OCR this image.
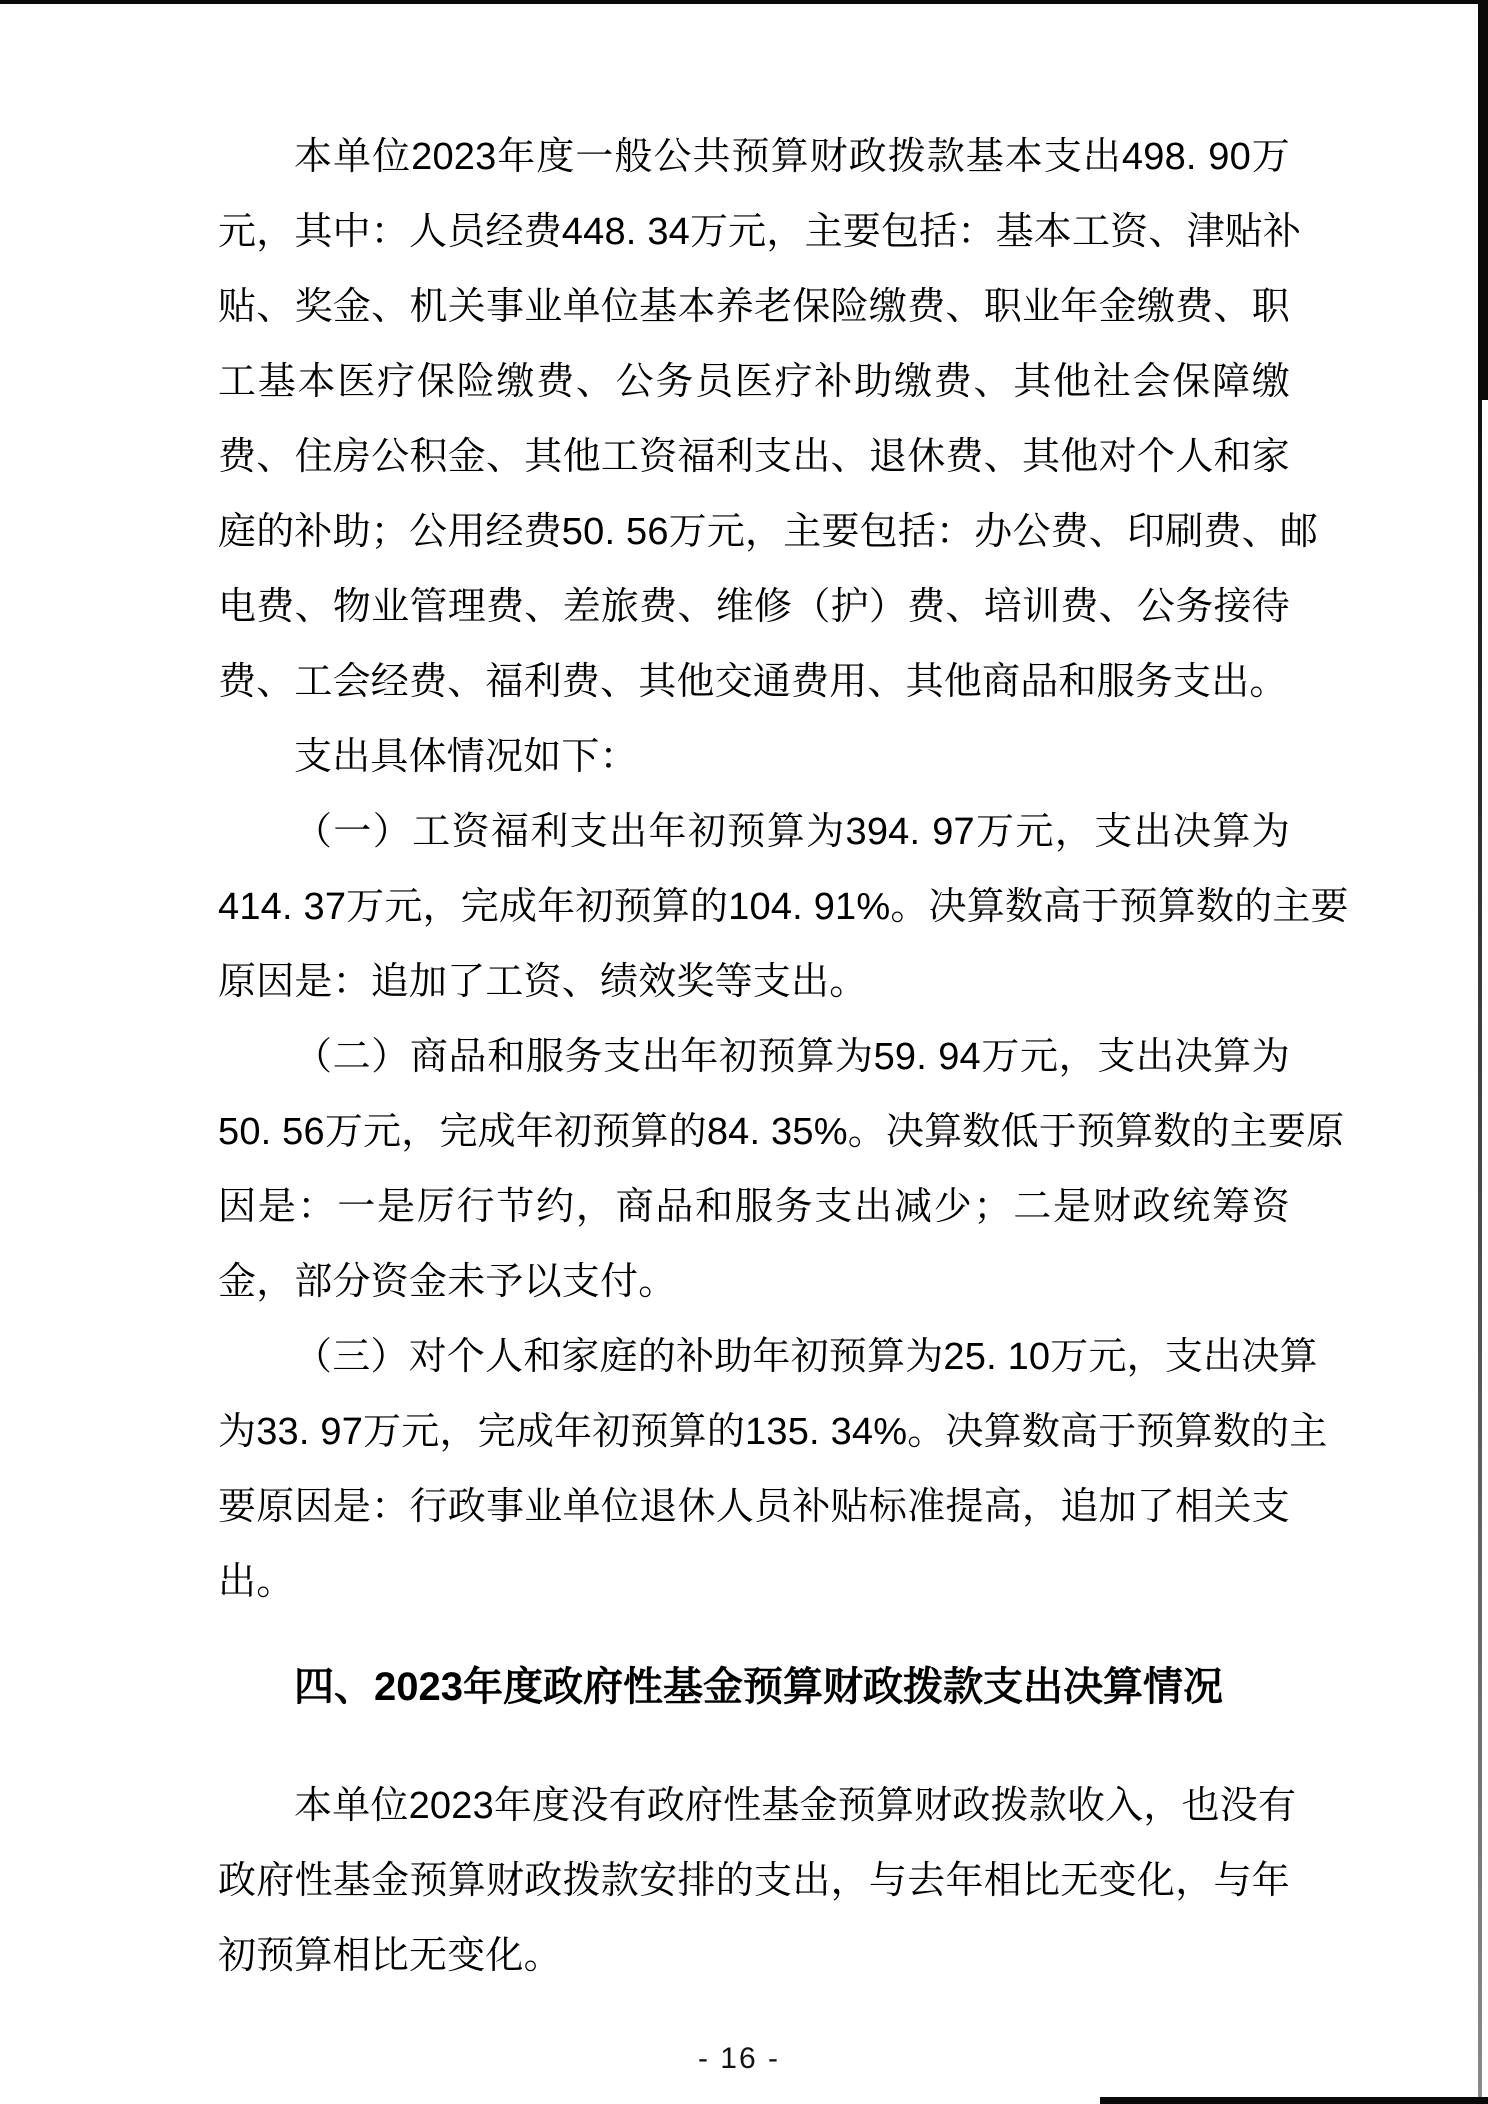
本单位2023年度一般公共预算财政拨款基本支出498. 90万
元，其中：人员经费448. 34万元，主要包括：基本工资、津贴补
贴、奖金、机关事业单位基本养老保险缴费、职业年金缴费、职
工基本医疗保险缴费、公务员医疗补助缴费、其他社会保障缴
费、住房公积金、其他工资福利支出、退休费、其他对个人和家
庭的补助；公用经费50. 56万元，主要包括：办公费、印刷费、邮
电费、物业管理费、差旅费、维修（护）费、培训费、公务接待
费、工会经费、福利费、其他交通费用、其他商品和服务支出。
支出具体情况如下：
（一）工资福利支出年初预算为394. 97万元，支出决算为
414. 37万元，完成年初预算的104. 91%。决算数高于预算数的主要
原因是：追加了工资、绩效奖等支出。
（二）商品和服务支出年初预算为59. 94万元，支出决算为
50. 56万元，完成年初预算的84. 35%。决算数低于预算数的主要原
因是：一是厉行节约，商品和服务支出减少；二是财政统筹资
金，部分资金未予以支付。
（三）对个人和家庭的补助年初预算为25. 10万元，支出决算
为33. 97万元，完成年初预算的135. 34%。决算数高于预算数的主
要原因是：行政事业单位退休人员补贴标准提高，追加了相关支
出。
四、2023年度政府性基金预算财政拨款支出决算情况
本单位2023年度没有政府性基金预算财政拨款收入，也没有
政府性基金预算财政拨款安排的支出，与去年相比无变化，与年
初预算相比无变化。
- 16 -
